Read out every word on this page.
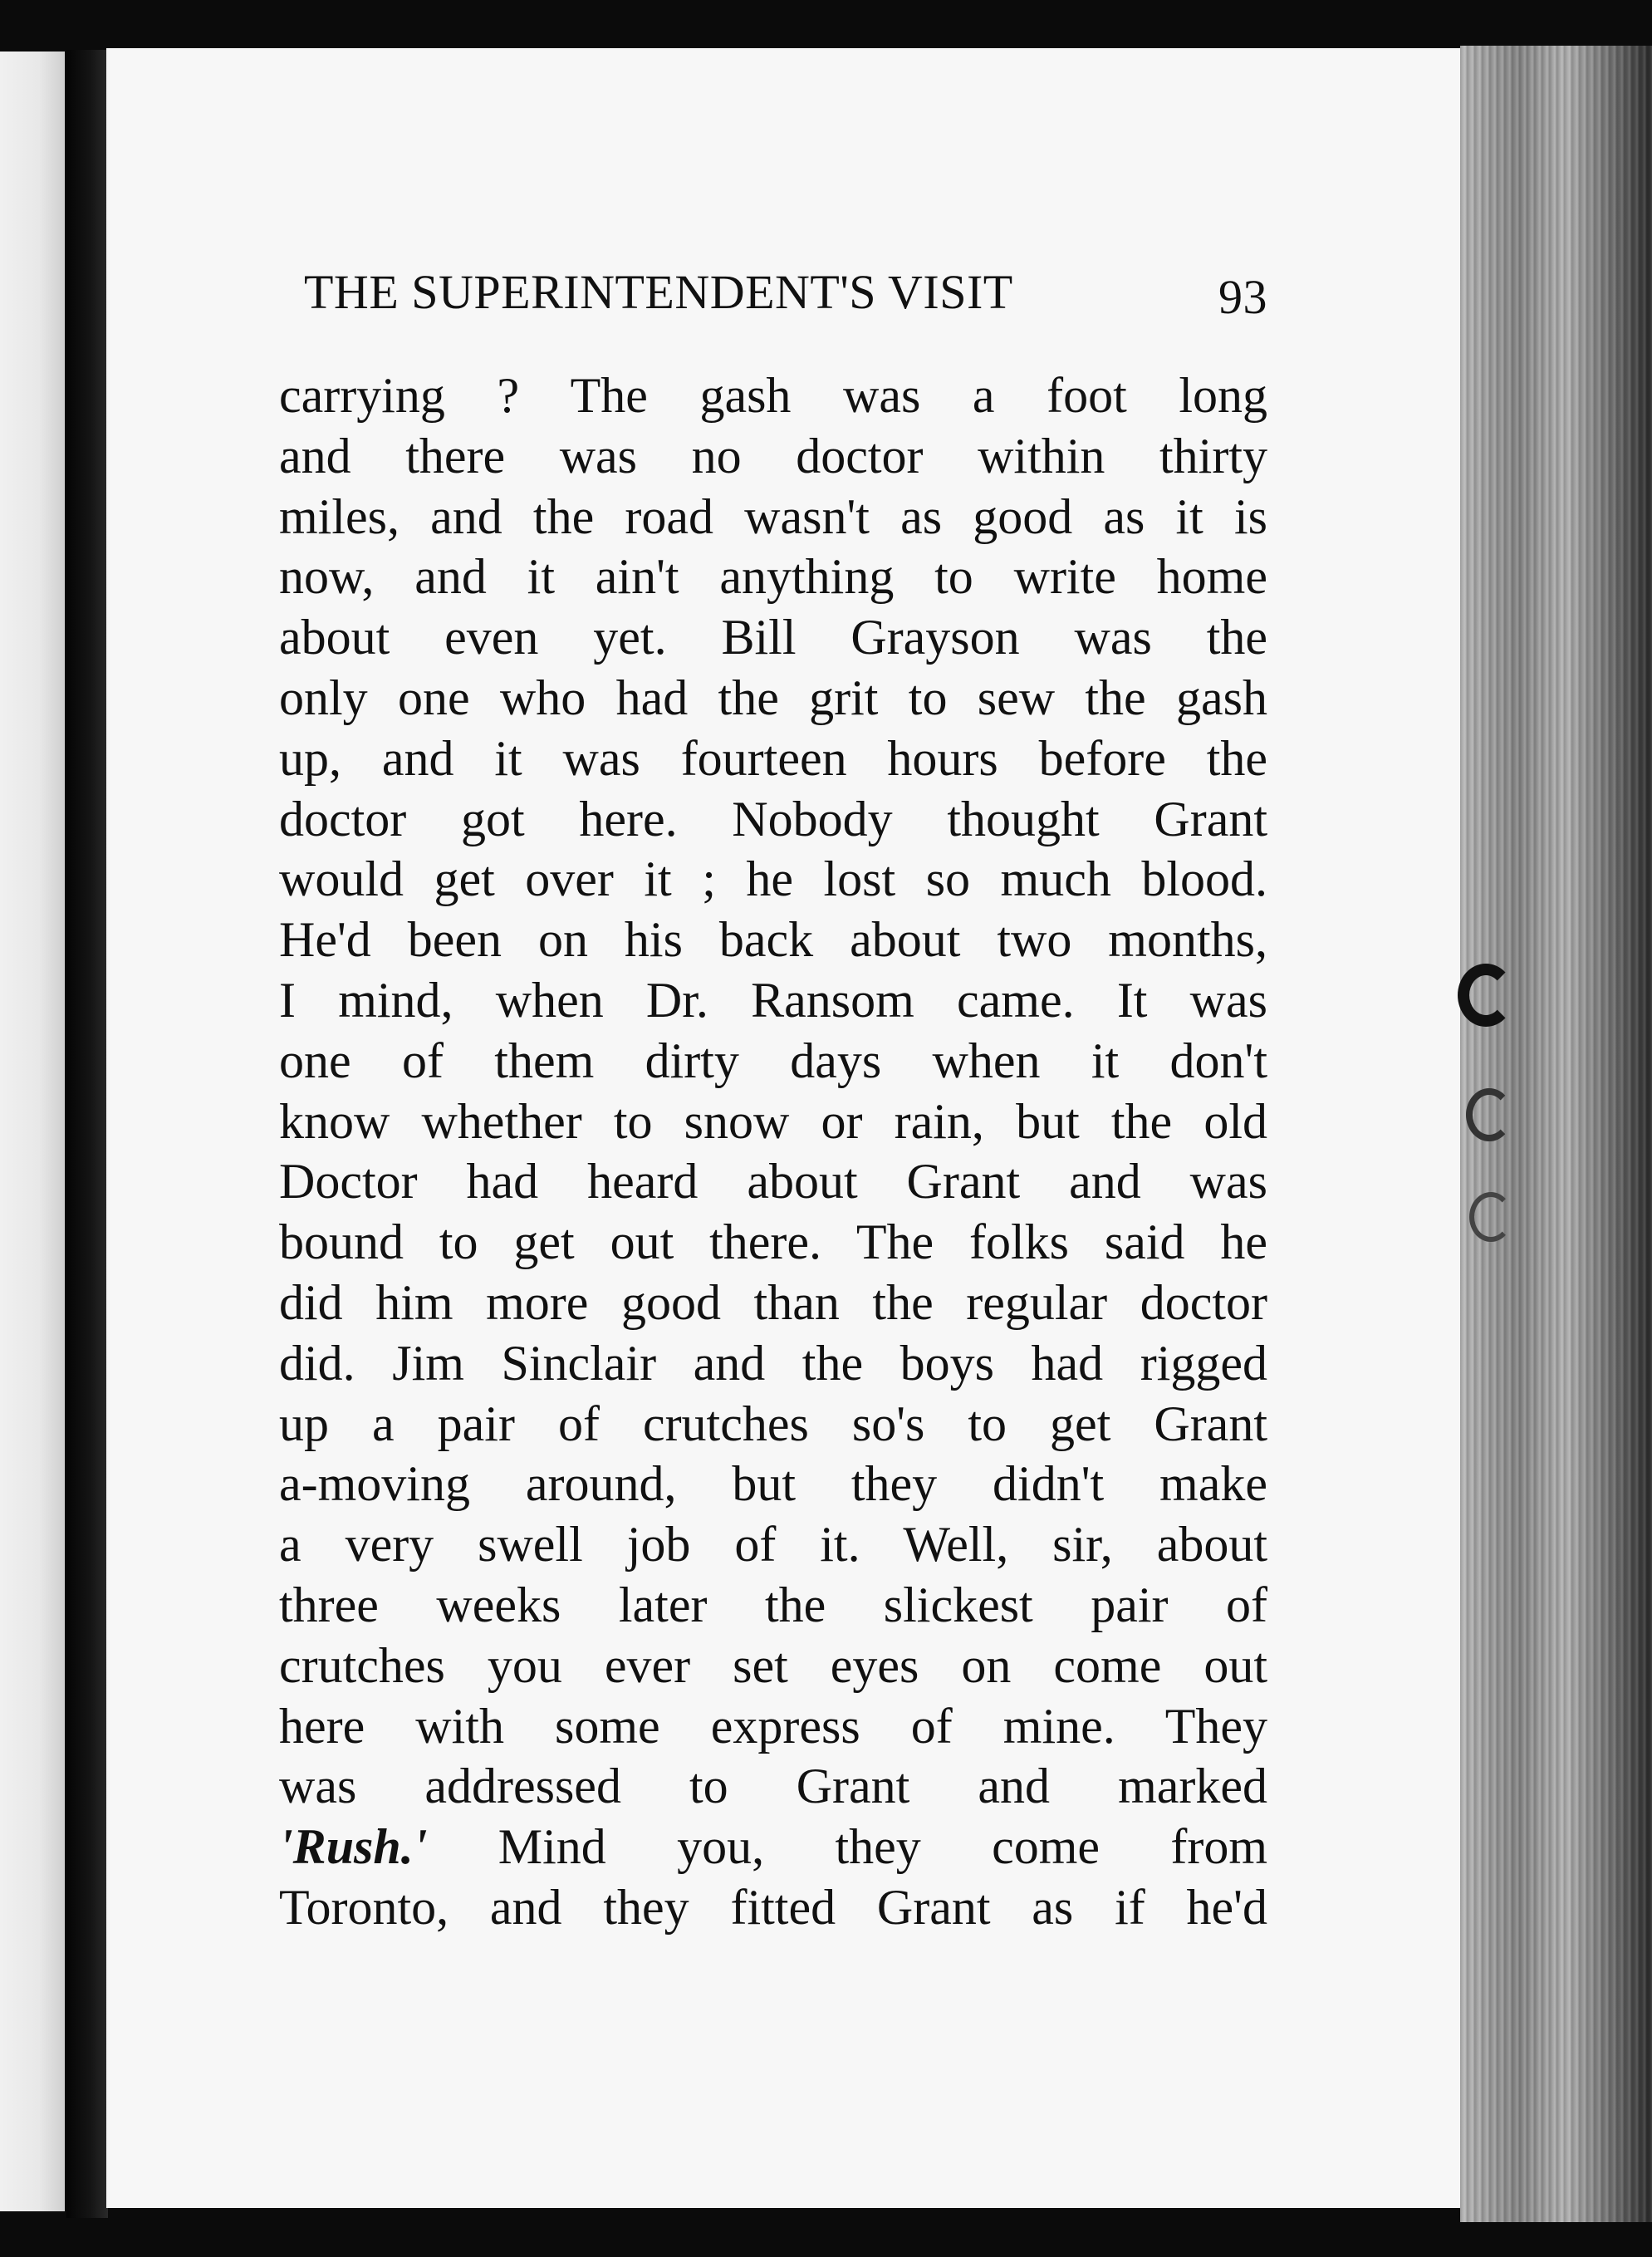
THE SUPERINTENDENT'S VISIT	93
carrying ? The gash was a foot long
and there was no doctor within thirty
miles, and the road wasn't as good as it is
now, and it ain't anything to write home
about even yet. Bill Grayson was the
only one who had the grit to sew the gash
up, and it was fourteen hours before the
doctor got here. Nobody thought Grant
would get over it ; he lost so much blood.
He'd been on his back about two months,
I mind, when Dr. Ransom came. It was
one of them dirty days when it don't
know whether to snow or rain, but the old
Doctor had heard about Grant and was
bound to get out there. The folks said he
did him more good than the regular doctor
did. Jim Sinclair and the boys had rigged
up a pair of crutches so's to get Grant
a-moving around, but they didn't make
a very swell job of it. Well, sir, about
three weeks later the slickest pair of
crutches you ever set eyes on come out
here with some express of mine. They
was addressed to Grant and marked
'Rush.' Mind you, they come from
Toronto, and they fitted Grant as if he'd
